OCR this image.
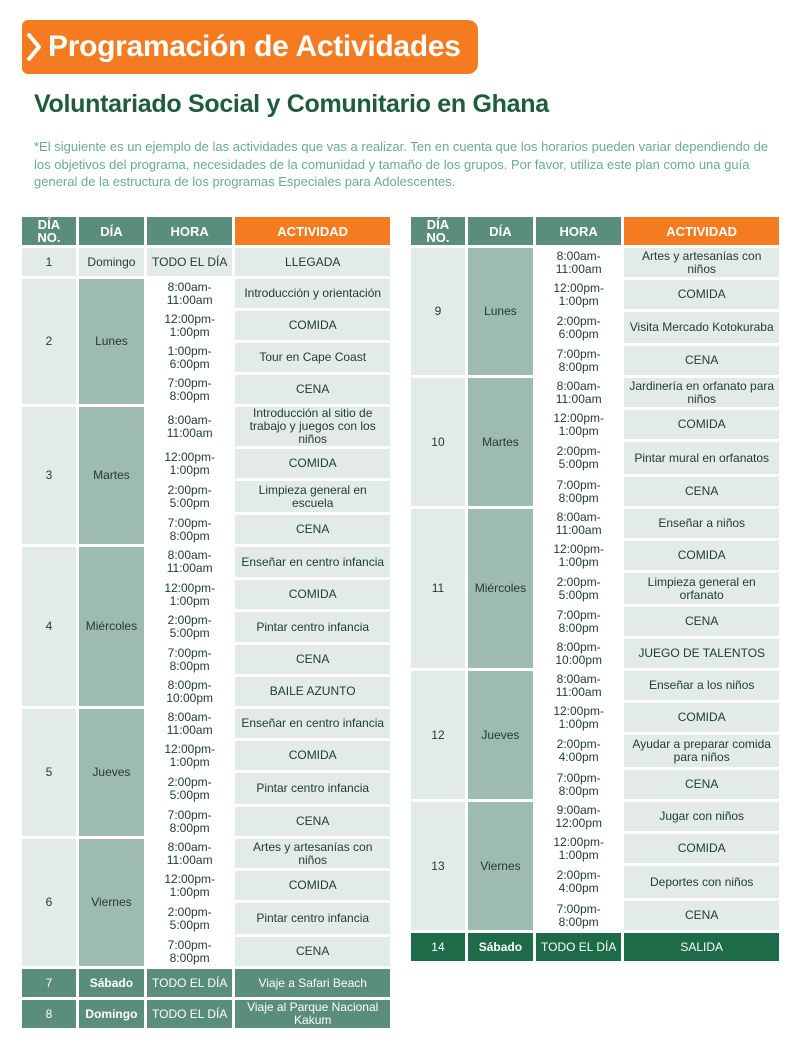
Programación de Actividades
Voluntariado Social y Comunitario en Ghana

*El siguiente es un ejemplo de las actividades que vas a realizar. Ten en cuenta que los horarios pueden variar dependiendo de los objetivos del programa, necesidades de la comunidad y tamaño de los grupos. Por favor, utiliza este plan como una guía general de la estructura de los programas Especiales para Adolescentes.

DÍA NO.	DÍA	HORA	ACTIVIDAD
1	Domingo	TODO EL DÍA	LLEGADA
2	Lunes	8:00am-11:00am	Introducción y orientación
		12:00pm-1:00pm	COMIDA
		1:00pm-6:00pm	Tour en Cape Coast
		7:00pm-8:00pm	CENA
3	Martes	8:00am-11:00am	Introducción al sitio de trabajo y juegos con los niños
		12:00pm-1:00pm	COMIDA
		2:00pm-5:00pm	Limpieza general en escuela
		7:00pm-8:00pm	CENA
4	Miércoles	8:00am-11:00am	Enseñar en centro infancia
		12:00pm-1:00pm	COMIDA
		2:00pm-5:00pm	Pintar centro infancia
		7:00pm-8:00pm	CENA
		8:00pm-10:00pm	BAILE AZUNTO
5	Jueves	8:00am-11:00am	Enseñar en centro infancia
		12:00pm-1:00pm	COMIDA
		2:00pm-5:00pm	Pintar centro infancia
		7:00pm-8:00pm	CENA
6	Viernes	8:00am-11:00am	Artes y artesanías con niños
		12:00pm-1:00pm	COMIDA
		2:00pm-5:00pm	Pintar centro infancia
		7:00pm-8:00pm	CENA
7	Sábado	TODO EL DÍA	Viaje a Safari Beach
8	Domingo	TODO EL DÍA	Viaje al Parque Nacional Kakum
DÍA NO.	DÍA	HORA	ACTIVIDAD
9	Lunes	8:00am-11:00am	Artes y artesanías con niños
		12:00pm-1:00pm	COMIDA
		2:00pm-6:00pm	Visita Mercado Kotokuraba
		7:00pm-8:00pm	CENA
10	Martes	8:00am-11:00am	Jardinería en orfanato para niños
		12:00pm-1:00pm	COMIDA
		2:00pm-5:00pm	Pintar mural en orfanatos
		7:00pm-8:00pm	CENA
11	Miércoles	8:00am-11:00am	Enseñar a niños
		12:00pm-1:00pm	COMIDA
		2:00pm-5:00pm	Limpieza general en orfanato
		7:00pm-8:00pm	CENA
		8:00pm-10:00pm	JUEGO DE TALENTOS
12	Jueves	8:00am-11:00am	Enseñar a los niños
		12:00pm-1:00pm	COMIDA
		2:00pm-4:00pm	Ayudar a preparar comida para niños
		7:00pm-8:00pm	CENA
13	Viernes	9:00am-12:00pm	Jugar con niños
		12:00pm-1:00pm	COMIDA
		2:00pm-4:00pm	Deportes con niños
		7:00pm-8:00pm	CENA
14	Sábado	TODO EL DÍA	SALIDA
